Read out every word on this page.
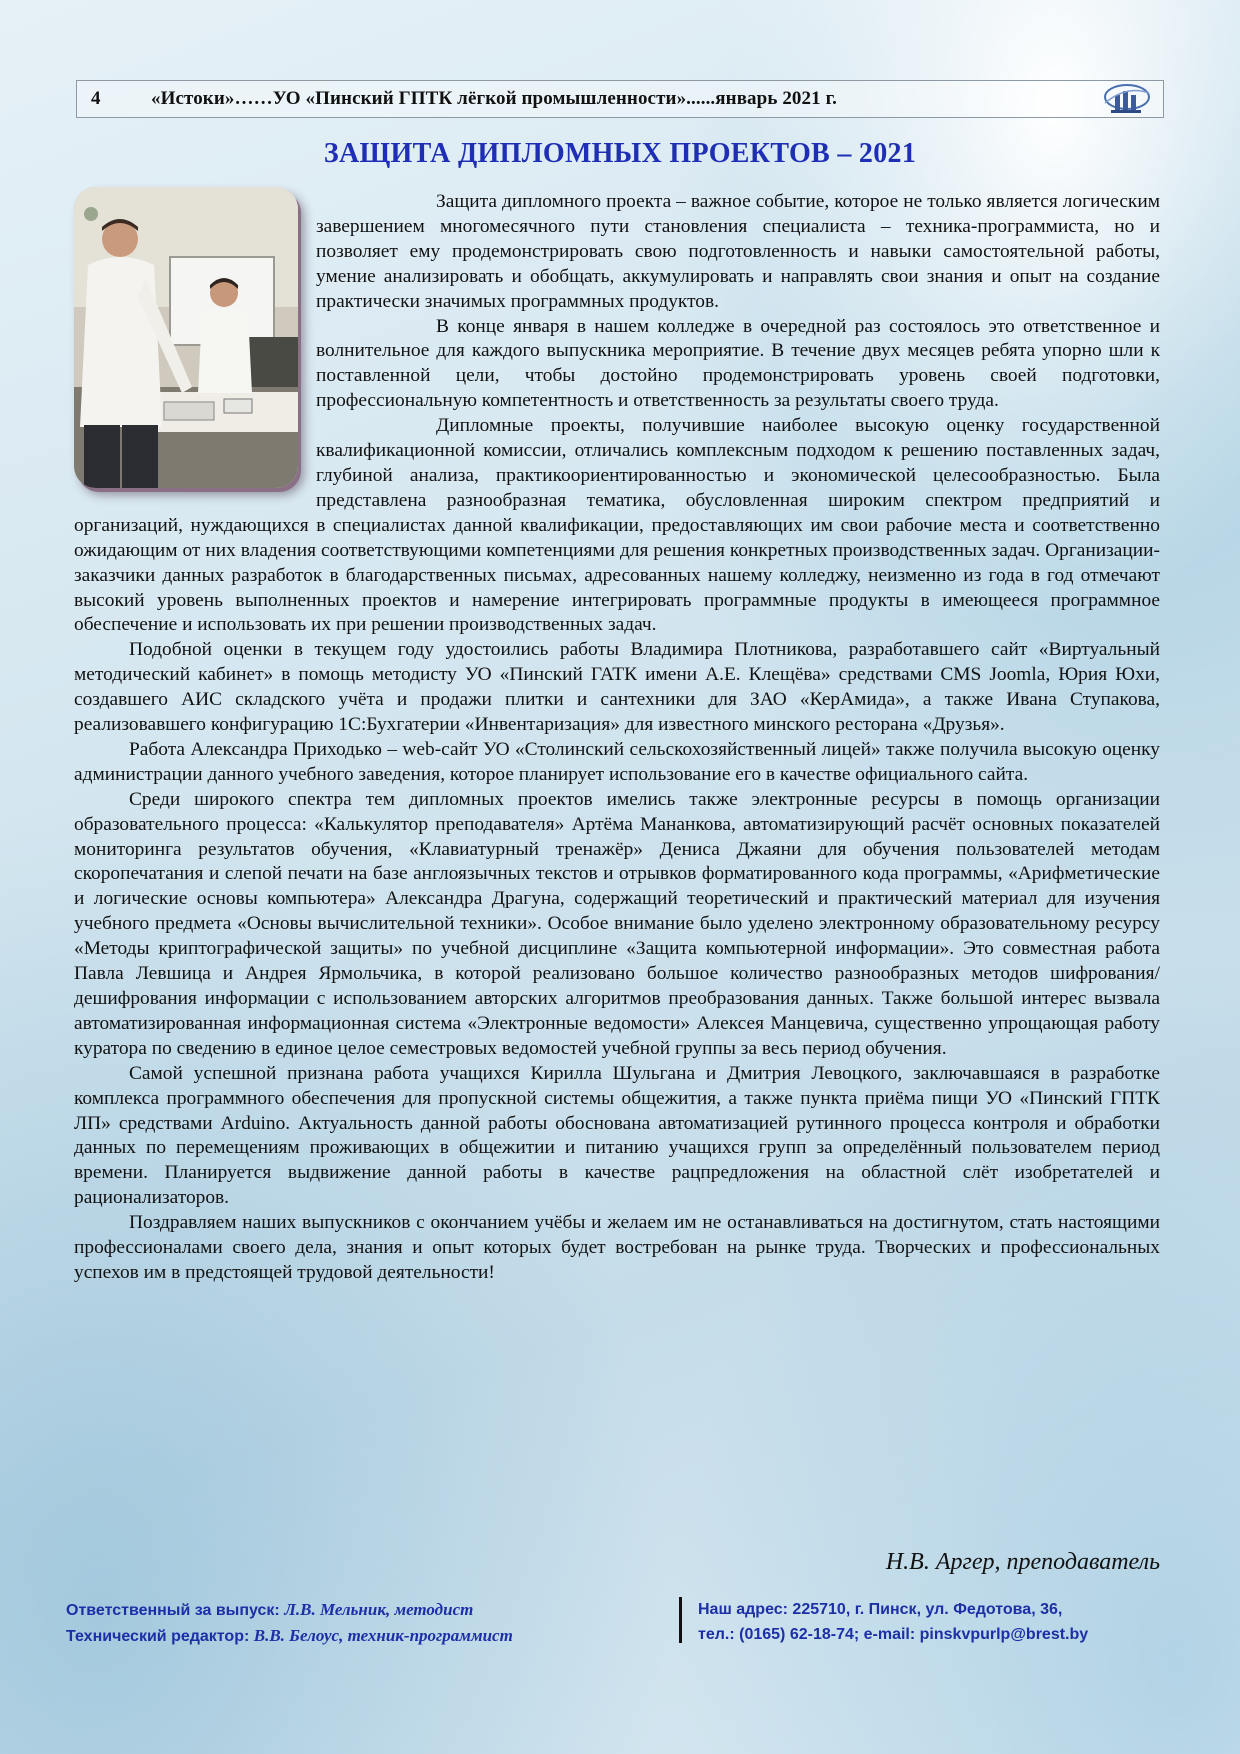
4	«Истоки»……УО «Пинский ГПТК лёгкой промышленности»......январь 2021 г.
ЗАЩИТА ДИПЛОМНЫХ ПРОЕКТОВ – 2021

Защита дипломного проекта – важное событие, которое не только является логическим завершением многомесячного пути становления специалиста – техника-программиста, но и позволяет ему продемонстрировать свою подготовленность и навыки самостоятельной работы, умение анализировать и обобщать, аккумулировать и направлять свои знания и опыт на создание практически значимых программных продуктов.

В конце января в нашем колледже в очередной раз состоялось это ответственное и волнительное для каждого выпускника мероприятие. В течение двух месяцев ребята упорно шли к поставленной цели, чтобы достойно продемонстрировать уровень своей подготовки, профессиональную компетентность и ответственность за результаты своего труда.

Дипломные проекты, получившие наиболее высокую оценку государственной квалификационной комиссии, отличались комплексным подходом к решению поставленных задач, глубиной анализа, практикоориентированностью и экономической целесообразностью. Была представлена разнообразная тематика, обусловленная широким спектром предприятий и организаций, нуждающихся в специалистах данной квалификации, предоставляющих им свои рабочие места и соответственно ожидающим от них владения соответствующими компетенциями для решения конкретных производственных задач. Организации-заказчики данных разработок в благодарственных письмах, адресованных нашему колледжу, неизменно из года в год отмечают высокий уровень выполненных проектов и намерение интегрировать программные продукты в имеющееся программное обеспечение и использовать их при решении производственных задач.

Подобной оценки в текущем году удостоились работы Владимира Плотникова, разработавшего сайт «Виртуальный методический кабинет» в помощь методисту УО «Пинский ГАТК имени А.Е. Клещёва» средствами CMS Joomla, Юрия Юхи, создавшего АИС складского учёта и продажи плитки и сантехники для ЗАО «КерАмида», а также Ивана Ступакова, реализовавшего конфигурацию 1С:Бухгатерии «Инвентаризация» для известного минского ресторана «Друзья».

Работа Александра Приходько – web-сайт УО «Столинский сельскохозяйственный лицей» также получила высокую оценку администрации данного учебного заведения, которое планирует использование его в качестве официального сайта.

Среди широкого спектра тем дипломных проектов имелись также электронные ресурсы в помощь организации образовательного процесса: «Калькулятор преподавателя» Артёма Мананкова, автоматизирующий расчёт основных показателей мониторинга результатов обучения, «Клавиатурный тренажёр» Дениса Джаяни для обучения пользователей методам скоропечатания и слепой печати на базе англоязычных текстов и отрывков форматированного кода программы, «Арифметические и логические основы компьютера» Александра Драгуна, содержащий теоретический и практический материал для изучения учебного предмета «Основы вычислительной техники». Особое внимание было уделено электронному образовательному ресурсу «Методы криптографической защиты» по учебной дисциплине «Защита компьютерной информации». Это совместная работа Павла Левшица и Андрея Ярмольчика, в которой реализовано большое количество разнообразных методов шифрования/дешифрования информации с использованием авторских алгоритмов преобразования данных. Также большой интерес вызвала автоматизированная информационная система «Электронные ведомости» Алексея Манцевича, существенно упрощающая работу куратора по сведению в единое целое семестровых ведомостей учебной группы за весь период обучения.

Самой успешной признана работа учащихся Кирилла Шульгана и Дмитрия Левоцкого, заключавшаяся в разработке комплекса программного обеспечения для пропускной системы общежития, а также пункта приёма пищи УО «Пинский ГПТК ЛП» средствами Arduino. Актуальность данной работы обоснована автоматизацией рутинного процесса контроля и обработки данных по перемещениям проживающих в общежитии и питанию учащихся групп за определённый пользователем период времени. Планируется выдвижение данной работы в качестве рацпредложения на областной слёт изобретателей и рационализаторов.

Поздравляем наших выпускников с окончанием учёбы и желаем им не останавливаться на достигнутом, стать настоящими профессионалами своего дела, знания и опыт которых будет востребован на рынке труда. Творческих и профессиональных успехов им в предстоящей трудовой деятельности!

Н.В. Аргер, преподаватель
Ответственный за выпуск: Л.В. Мельник, методист
Технический редактор: В.В. Белоус, техник-программист
Наш адрес: 225710, г. Пинск, ул. Федотова, 36,
тел.: (0165) 62-18-74; e-mail: pinskvpurlp@brest.by
